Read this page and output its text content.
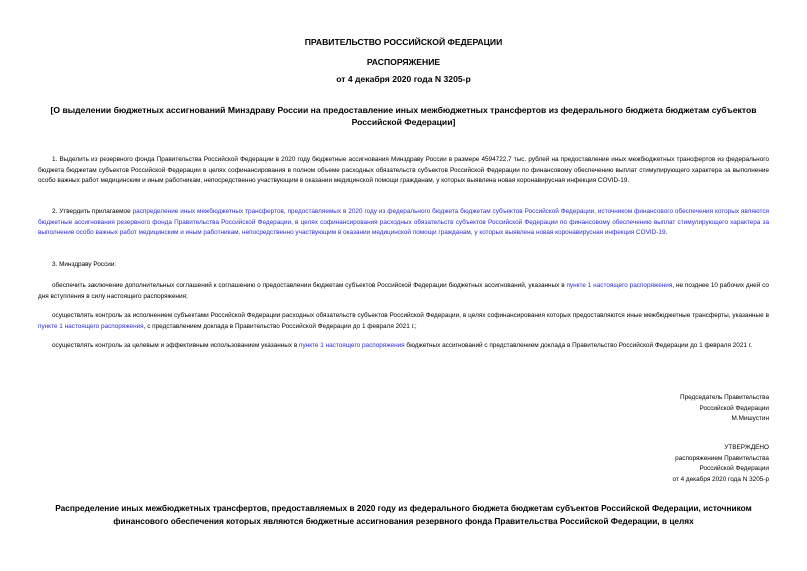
ПРАВИТЕЛЬСТВО РОССИЙСКОЙ ФЕДЕРАЦИИ
РАСПОРЯЖЕНИЕ
от 4 декабря 2020 года N 3205-р
[О выделении бюджетных ассигнований Минздраву России на предоставление иных межбюджетных трансфертов из федерального бюджета бюджетам субъектов Российской Федерации]
1. Выделить из резервного фонда Правительства Российской Федерации в 2020 году бюджетные ассигнования Минздраву России в размере 4594722,7 тыс. рублей на предоставление иных межбюджетных трансфертов из федерального бюджета бюджетам субъектов Российской Федерации в целях софинансирования в полном объеме расходных обязательств субъектов Российской Федерации по финансовому обеспечению выплат стимулирующего характера за выполнение особо важных работ медицинским и иным работникам, непосредственно участвующим в оказании медицинской помощи гражданам, у которых выявлена новая коронавирусная инфекция COVID-19.
2. Утвердить прилагаемое распределение иных межбюджетных трансфертов, предоставляемых в 2020 году из федерального бюджета бюджетам субъектов Российской Федерации, источником финансового обеспечения которых являются бюджетные ассигнования резервного фонда Правительства Российской Федерации, в целях софинансирования расходных обязательств субъектов Российской Федерации по финансовому обеспечению выплат стимулирующего характера за выполнение особо важных работ медицинским и иным работникам, непосредственно участвующим в оказании медицинской помощи гражданам, у которых выявлена новая коронавирусная инфекция COVID-19.
3. Минздраву России:
обеспечить заключение дополнительных соглашений к соглашению о предоставлении бюджетам субъектов Российской Федерации бюджетных ассигнований, указанных в пункте 1 настоящего распоряжения, не позднее 10 рабочих дней со дня вступления в силу настоящего распоряжения;
осуществлять контроль за исполнением субъектами Российской Федерации расходных обязательств субъектов Российской Федерации, в целях софинансирования которых предоставляются иные межбюджетные трансферты, указанные в пункте 1 настоящего распоряжения, с представлением доклада в Правительство Российской Федерации до 1 февраля 2021 г.;
осуществлять контроль за целевым и эффективным использованием указанных в пункте 1 настоящего распоряжения бюджетных ассигнований с представлением доклада в Правительство Российской Федерации до 1 февраля 2021 г.
Председатель Правительства
Российской Федерации
М.Мишустин
УТВЕРЖДЕНО
распоряжением Правительства
Российской Федерации
от 4 декабря 2020 года N 3205-р
Распределение иных межбюджетных трансфертов, предоставляемых в 2020 году из федерального бюджета бюджетам субъектов Российской Федерации, источником финансового обеспечения которых являются бюджетные ассигнования резервного фонда Правительства Российской Федерации, в целях
